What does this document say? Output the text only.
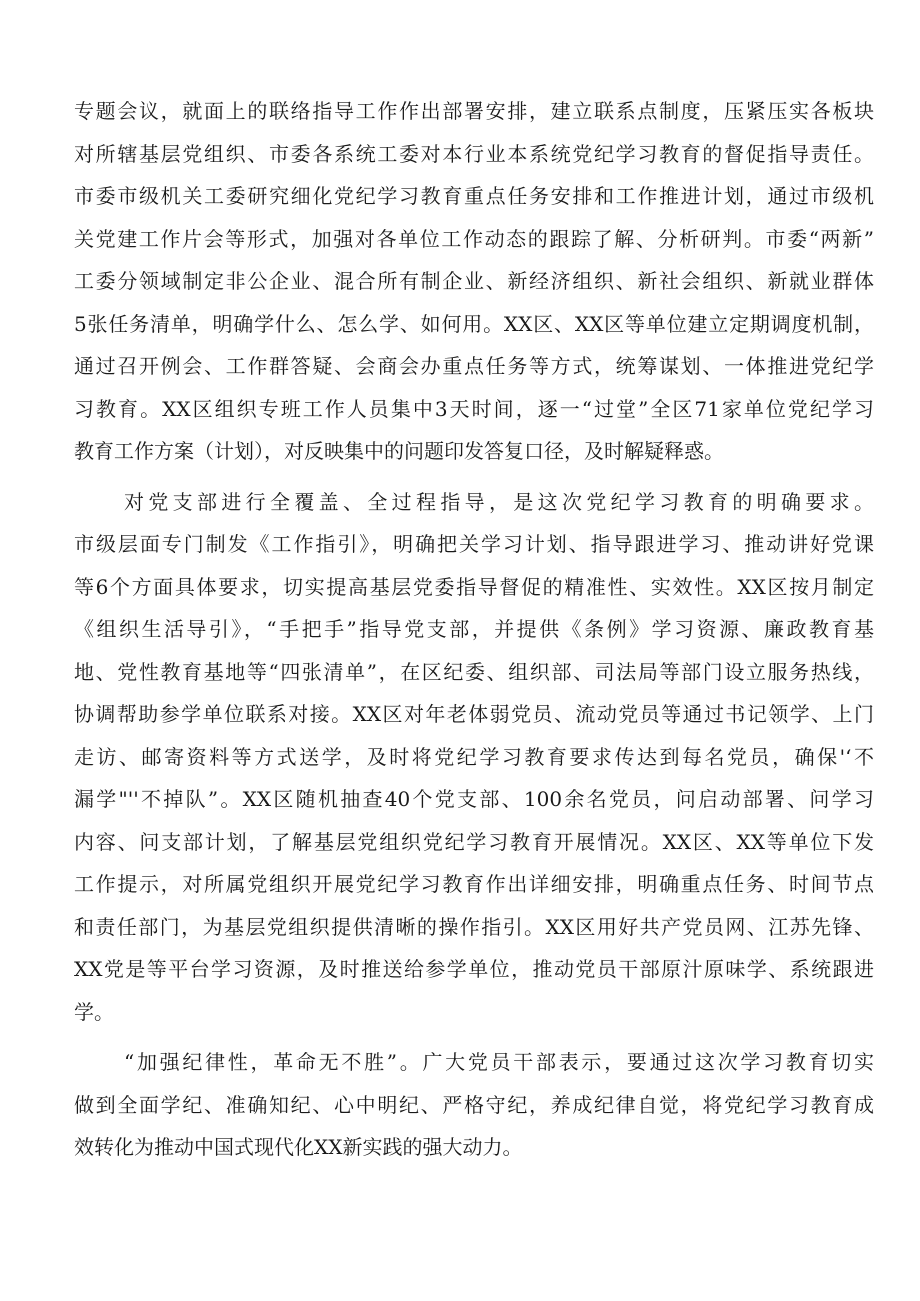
专题会议，就面上的联络指导工作作出部署安排，建立联系点制度，压紧压实各板块
对所辖基层党组织、市委各系统工委对本行业本系统党纪学习教育的督促指导责任。
市委市级机关工委研究细化党纪学习教育重点任务安排和工作推进计划，通过市级机
关党建工作片会等形式，加强对各单位工作动态的跟踪了解、分析研判。市委“两新”
工委分领域制定非公企业、混合所有制企业、新经济组织、新社会组织、新就业群体
5张任务清单，明确学什么、怎么学、如何用。XX区、XX区等单位建立定期调度机制，
通过召开例会、工作群答疑、会商会办重点任务等方式，统筹谋划、一体推进党纪学
习教育。XX区组织专班工作人员集中3天时间，逐一“过堂”全区71家单位党纪学习
教育工作方案（计划），对反映集中的问题印发答复口径，及时解疑释惑。
对党支部进行全覆盖、全过程指导，是这次党纪学习教育的明确要求。
市级层面专门制发《工作指引》，明确把关学习计划、指导跟进学习、推动讲好党课
等6个方面具体要求，切实提高基层党委指导督促的精准性、实效性。XX区按月制定
《组织生活导引》，“手把手”指导党支部，并提供《条例》学习资源、廉政教育基
地、党性教育基地等“四张清单”，在区纪委、组织部、司法局等部门设立服务热线，
协调帮助参学单位联系对接。XX区对年老体弱党员、流动党员等通过书记领学、上门
走访、邮寄资料等方式送学，及时将党纪学习教育要求传达到每名党员，确保'‘不
漏学"''不掉队”。XX区随机抽查40个党支部、100余名党员，问启动部署、问学习
内容、问支部计划，了解基层党组织党纪学习教育开展情况。XX区、XX等单位下发
工作提示，对所属党组织开展党纪学习教育作出详细安排，明确重点任务、时间节点
和责任部门，为基层党组织提供清晰的操作指引。XX区用好共产党员网、江苏先锋、
XX党是等平台学习资源，及时推送给参学单位，推动党员干部原汁原味学、系统跟进
学。
“加强纪律性，革命无不胜”。广大党员干部表示，要通过这次学习教育切实
做到全面学纪、准确知纪、心中明纪、严格守纪，养成纪律自觉，将党纪学习教育成
效转化为推动中国式现代化XX新实践的强大动力。
